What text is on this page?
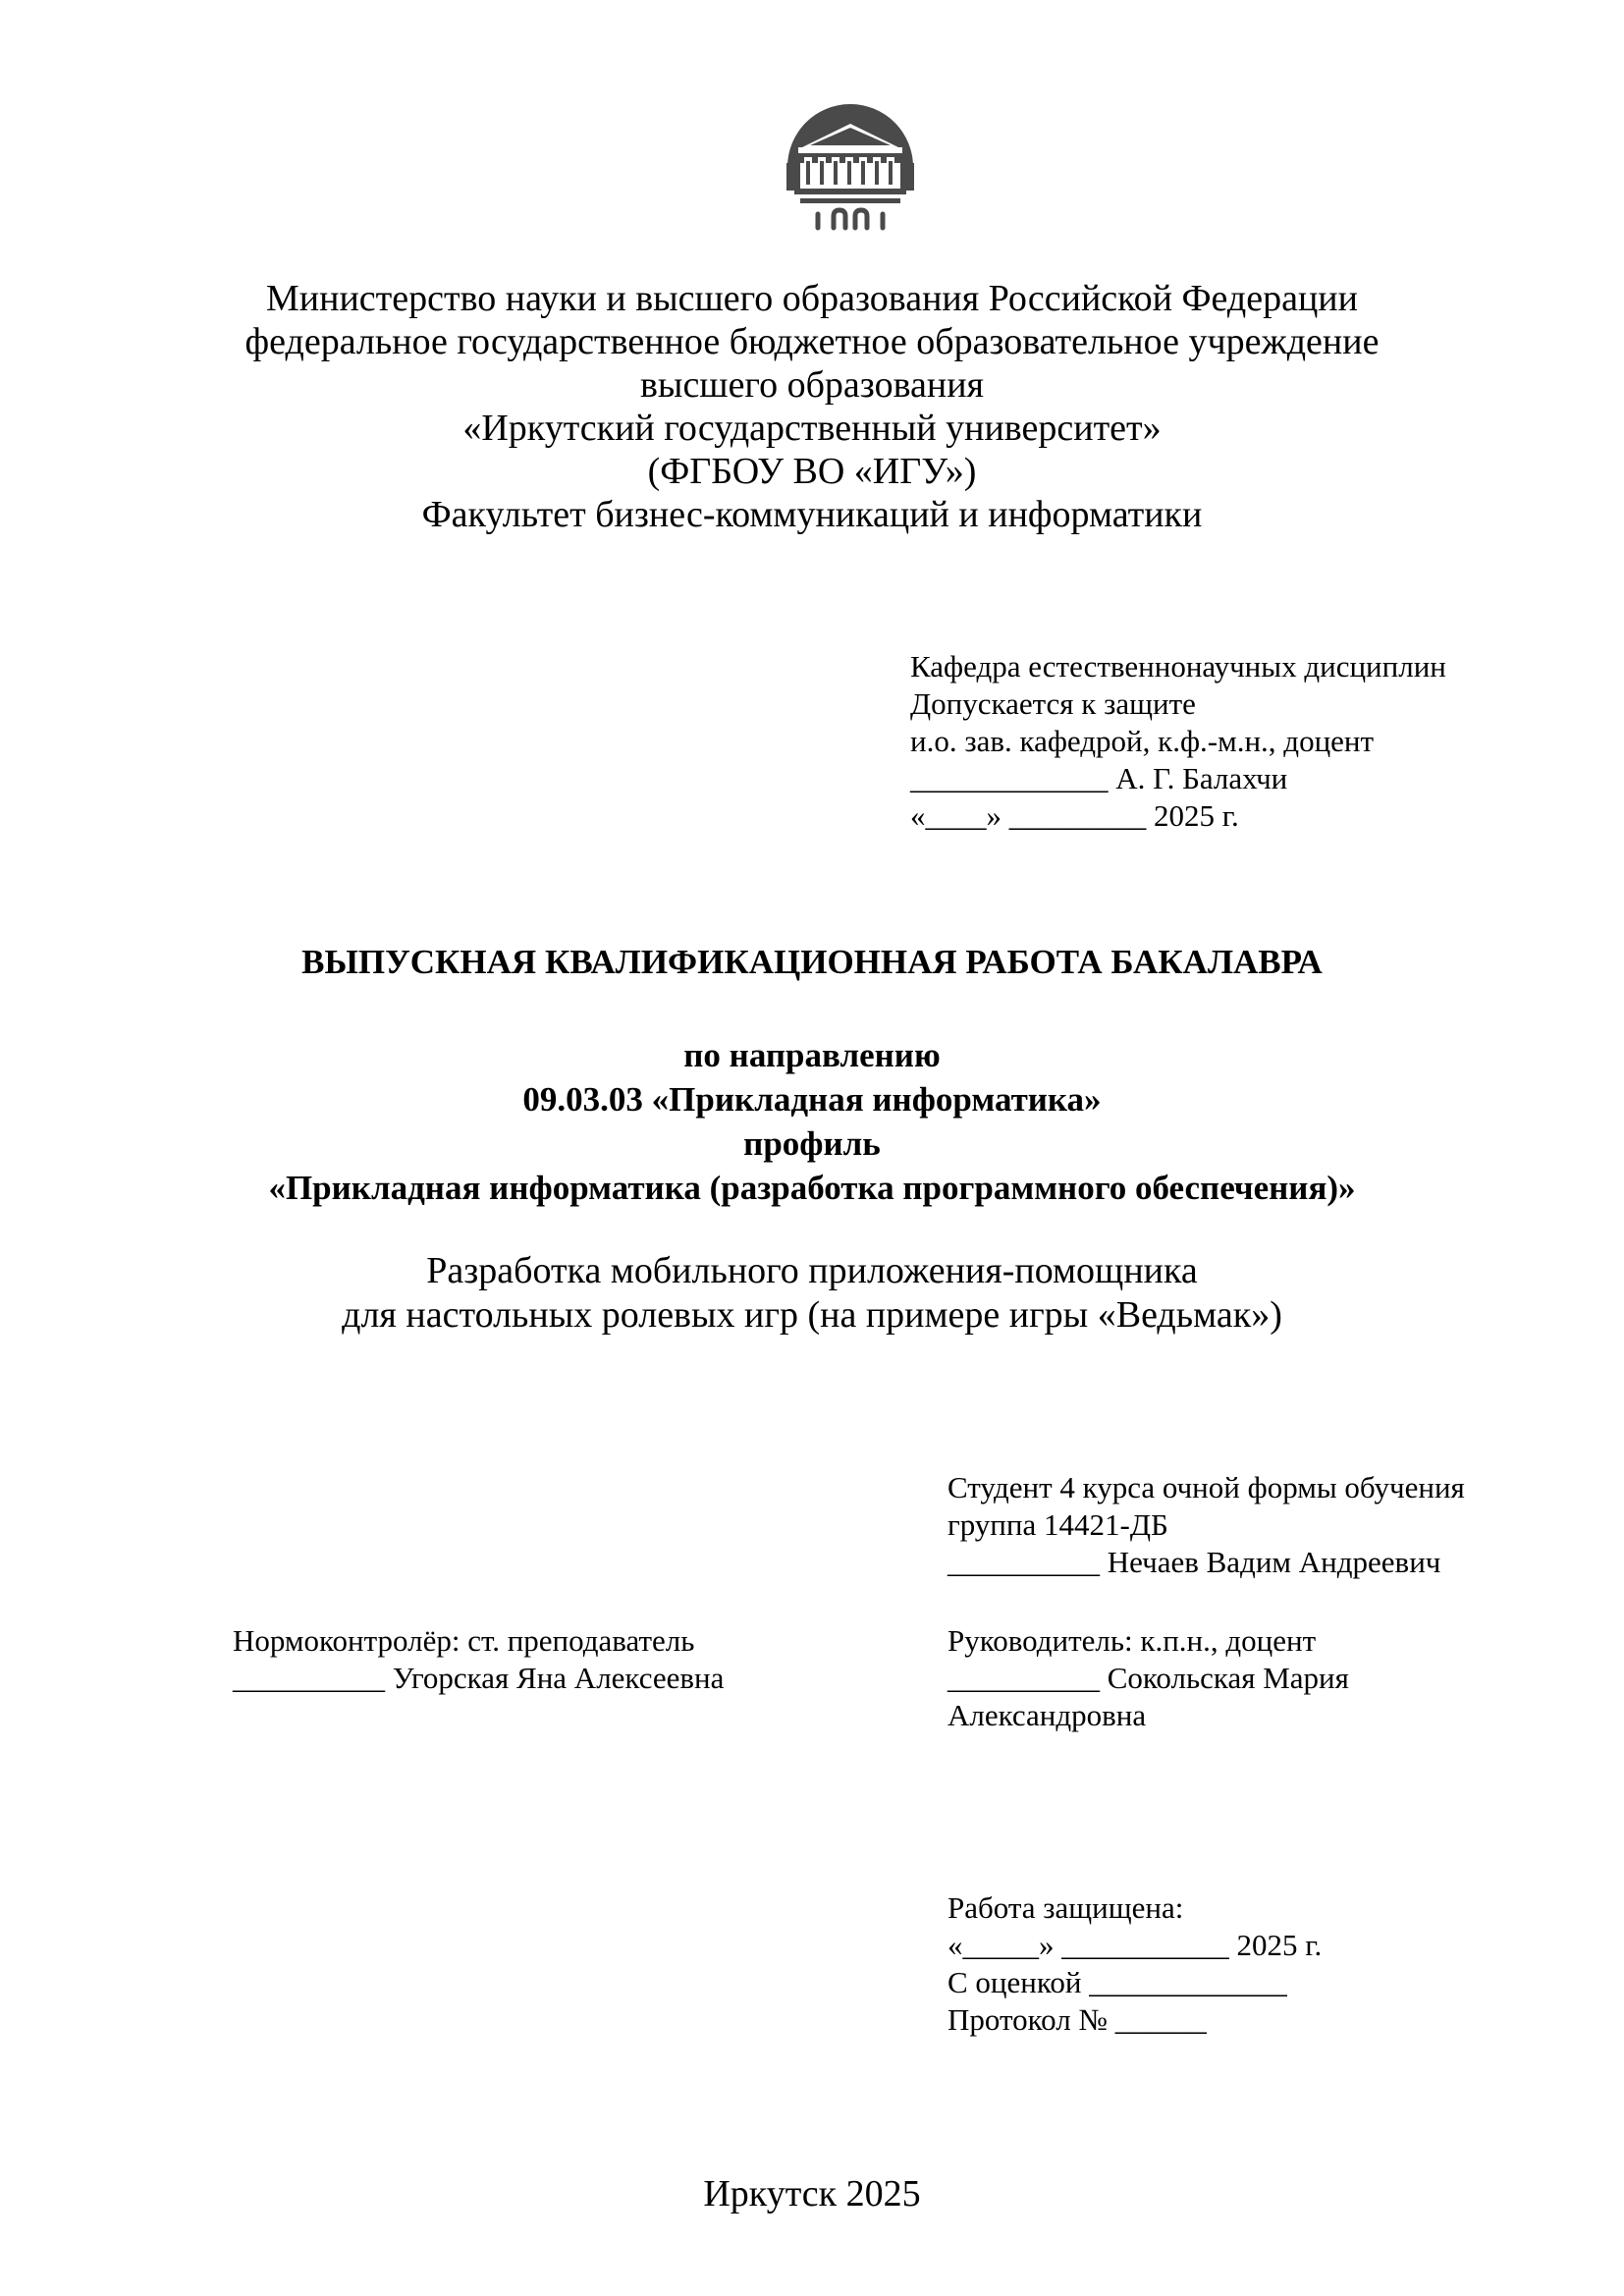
Министерство науки и высшего образования Российской Федерации
федеральное государственное бюджетное образовательное учреждение
высшего образования
«Иркутский государственный университет»
(ФГБОУ ВО «ИГУ»)
Факультет бизнес-коммуникаций и информатики
Кафедра естественнонаучных дисциплин
Допускается к защите
и.о. зав. кафедрой, к.ф.-м.н., доцент
_____________ А. Г. Балахчи
«____» _________ 2025 г.
ВЫПУСКНАЯ КВАЛИФИКАЦИОННАЯ РАБОТА БАКАЛАВРА
по направлению
09.03.03 «Прикладная информатика»
профиль
«Прикладная информатика (разработка программного обеспечения)»
Разработка мобильного приложения-помощника
для настольных ролевых игр (на примере игры «Ведьмак»)
Студент 4 курса очной формы обучения
группа 14421-ДБ
__________ Нечаев Вадим Андреевич
Нормоконтролёр: ст. преподаватель
__________ Угорская Яна Алексеевна
Руководитель: к.п.н., доцент
__________ Сокольская Мария
Александровна
Работа защищена:
«_____» ___________ 2025 г.
С оценкой _____________
Протокол № ______
Иркутск 2025
